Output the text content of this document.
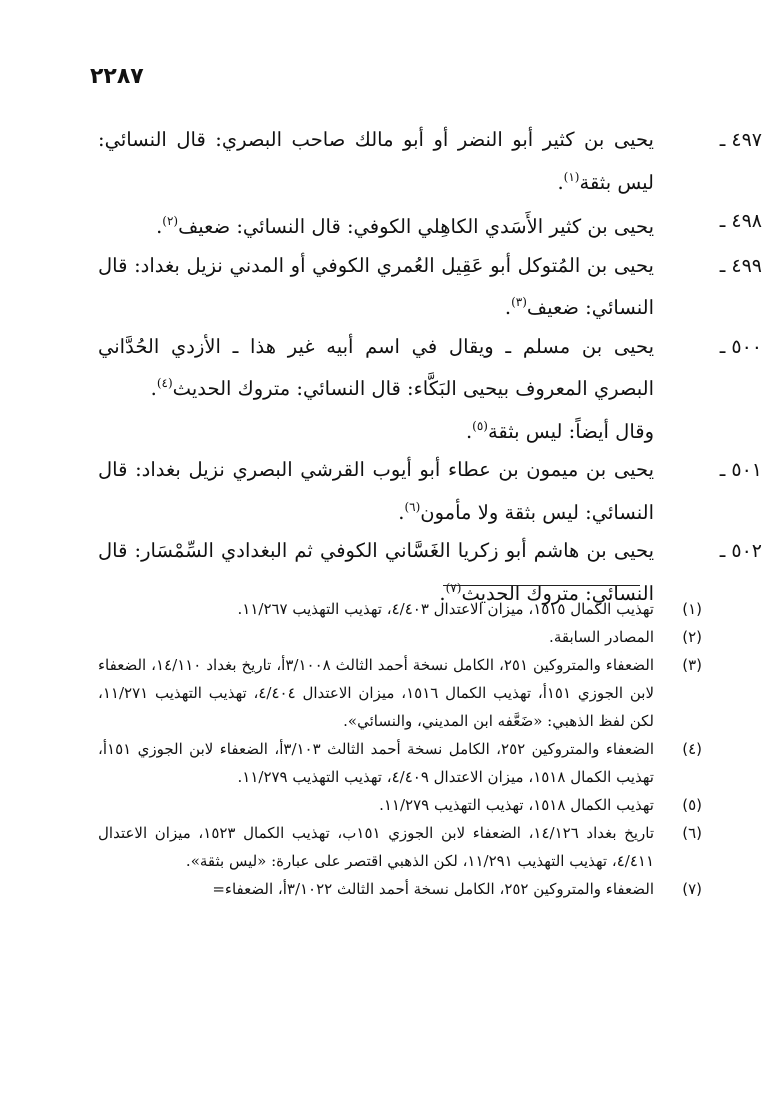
٢٢٨٧
٤٩٧ ـ
يحيى بن كثير أبو النضر أو أبو مالك صاحب البصري: قال النسائي: ليس بثقة$^{(١)}$.
٤٩٨ ـ
يحيى بن كثير الأَسَدي الكاهِلي الكوفي: قال النسائي: ضعيف$^{(٢)}$.
٤٩٩ ـ
يحيى بن المُتوكل أبو عَقِيل العُمري الكوفي أو المدني نزيل بغداد: قال النسائي: ضعيف$^{(٣)}$.
٥٠٠ ـ
يحيى بن مسلم ـ ويقال في اسم أبيه غير هذا ـ الأزدي الحُدَّاني البصري المعروف بيحيى البَكَّاء: قال النسائي: متروك الحديث$^{(٤)}$.
وقال أيضاً: ليس بثقة$^{(٥)}$.
٥٠١ ـ
يحيى بن ميمون بن عطاء أبو أيوب القرشي البصري نزيل بغداد: قال النسائي: ليس بثقة ولا مأمون$^{(٦)}$.
٥٠٢ ـ
يحيى بن هاشم أبو زكريا الغَسَّاني الكوفي ثم البغدادي السِّمْسَار: قال النسائي: متروك الحديث$^{(٧)}$.
(١)
تهذيب الكمال ١٥١٥، ميزان الاعتدال ٤/٤٠٣، تهذيب التهذيب ١١/٢٦٧.
(٢)
المصادر السابقة.
(٣)
الضعفاء والمتروكين ٢٥١، الكامل نسخة أحمد الثالث ٣/١٠٠٨أ، تاريخ بغداد ١٤/١١٠، الضعفاء لابن الجوزي ١٥١أ، تهذيب الكمال ١٥١٦، ميزان الاعتدال ٤/٤٠٤، تهذيب التهذيب ١١/٢٧١، لكن لفظ الذهبي: «ضَعَّفه ابن المديني، والنسائي».
(٤)
الضعفاء والمتروكين ٢٥٢، الكامل نسخة أحمد الثالث ٣/١٠٣أ، الضعفاء لابن الجوزي ١٥١أ، تهذيب الكمال ١٥١٨، ميزان الاعتدال ٤/٤٠٩، تهذيب التهذيب ١١/٢٧٩.
(٥)
تهذيب الكمال ١٥١٨، تهذيب التهذيب ١١/٢٧٩.
(٦)
تاريخ بغداد ١٤/١٢٦، الضعفاء لابن الجوزي ١٥١ب، تهذيب الكمال ١٥٢٣، ميزان الاعتدال ٤/٤١١، تهذيب التهذيب ١١/٢٩١، لكن الذهبي اقتصر على عبارة: «ليس بثقة».
(٧)
الضعفاء والمتروكين ٢٥٢، الكامل نسخة أحمد الثالث ٣/١٠٢٢أ، الضعفاء=
